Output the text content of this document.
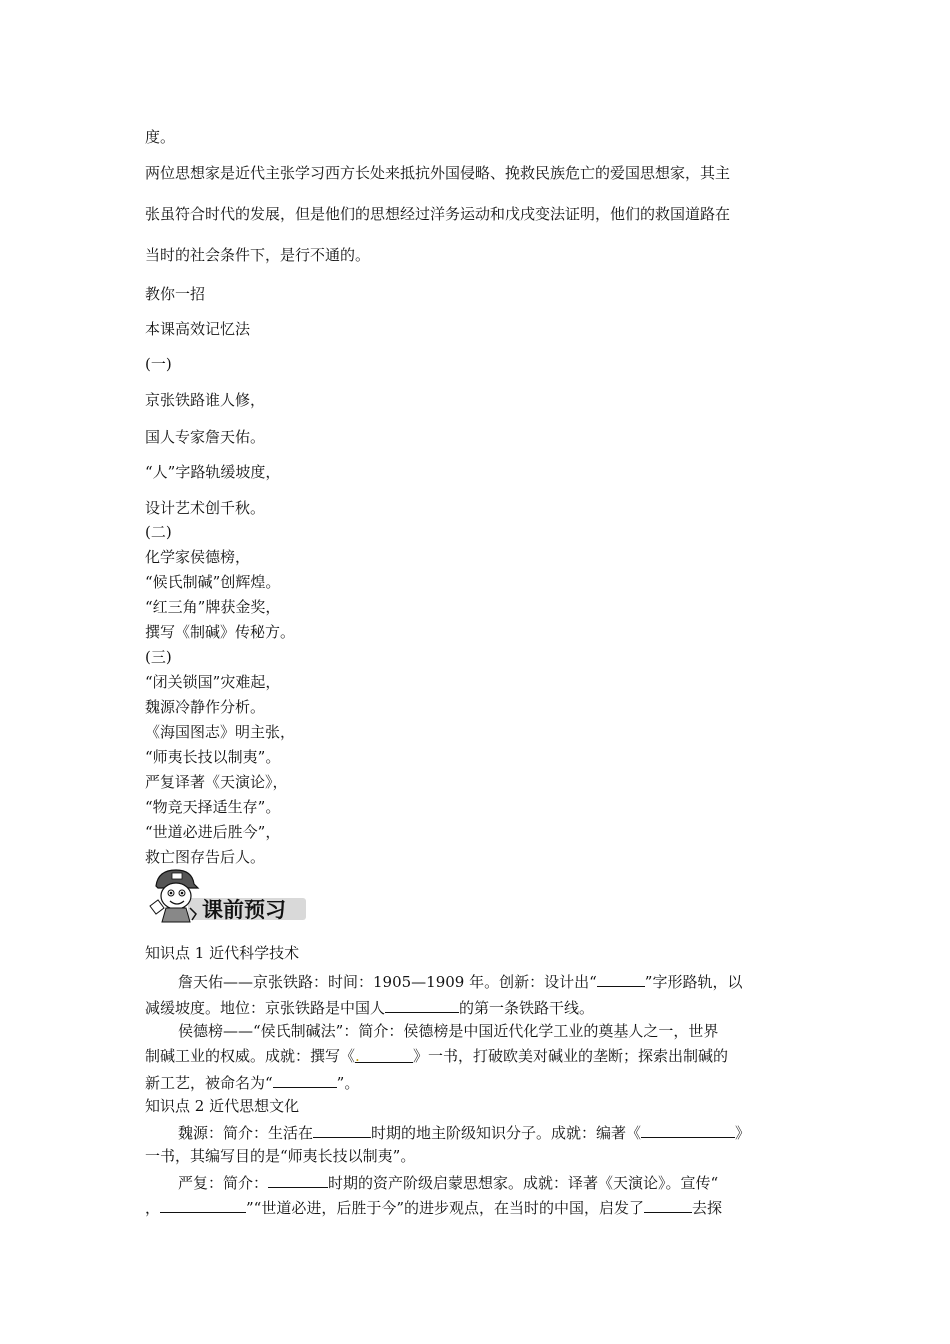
度。
两位思想家是近代主张学习西方长处来抵抗外国侵略、挽救民族危亡的爱国思想家，其主
张虽符合时代的发展，但是他们的思想经过洋务运动和戊戌变法证明，他们的救国道路在
当时的社会条件下，是行不通的。
教你一招
本课高效记忆法
(一)
京张铁路谁人修，
国人专家詹天佑。
“人”字路轨缓坡度，
设计艺术创千秋。
(二)
化学家侯德榜，
“候氏制碱”创辉煌。
“红三角”牌获金奖，
撰写《制碱》传秘方。
(三)
“闭关锁国”灾难起，
魏源冷静作分析。
《海国图志》明主张，
“师夷长技以制夷”。
严复译著《天演论》，
“物竞天择适生存”。
“世道必进后胜今”，
救亡图存告后人。
课前预习
知识点 1 近代科学技术
詹天佑——京张铁路：时间：1905—1909 年。创新：设计出“	”字形路轨，以
减缓坡度。地位：京张铁路是中国人	的第一条铁路干线。
侯德榜——“侯氏制碱法”：简介：侯德榜是中国近代化学工业的奠基人之一，世界
制碱工业的权威。成就：撰写《.	》一书，打破欧美对碱业的垄断；探索出制碱的
新工艺，被命名为“	”。
知识点 2 近代思想文化
魏源：简介：生活在	时期的地主阶级知识分子。成就：编著《	》
一书，其编写目的是“师夷长技以制夷”。
严复：简介：	时期的资产阶级启蒙思想家。成就：译著《天演论》。宣传“
，	”“世道必进，后胜于今”的进步观点，在当时的中国，启发了	去探
